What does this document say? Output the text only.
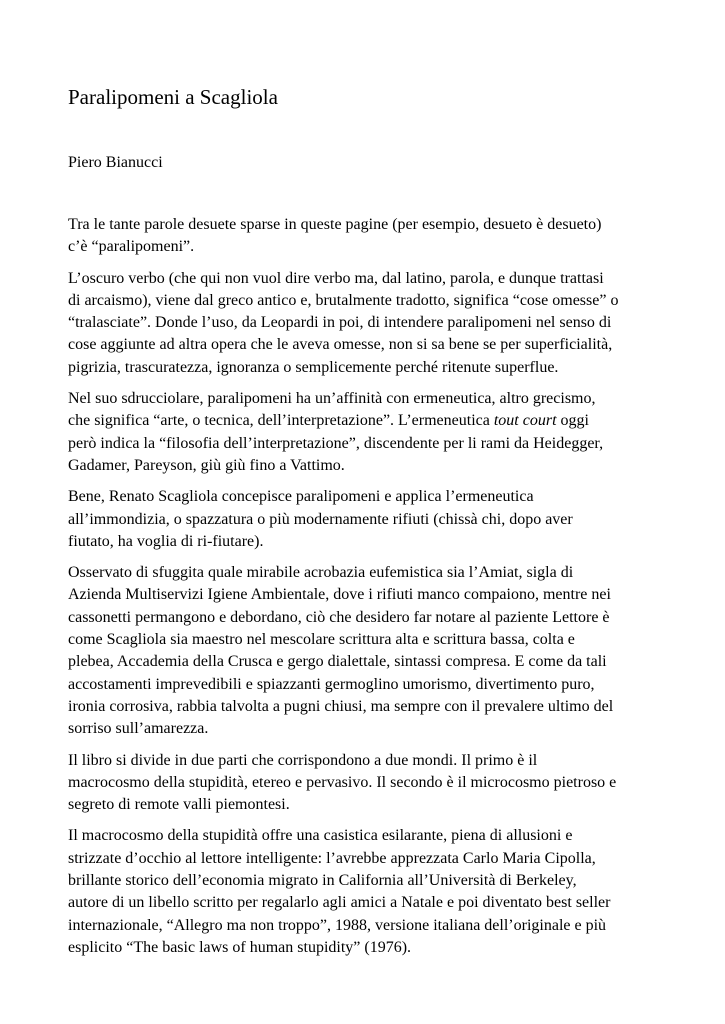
Paralipomeni a Scagliola
Piero Bianucci

Tra le tante parole desuete sparse in queste pagine (per esempio, desueto è desueto)
c’è “paralipomeni”.

L’oscuro verbo (che qui non vuol dire verbo ma, dal latino, parola, e dunque trattasi
di arcaismo), viene dal greco antico e, brutalmente tradotto, significa “cose omesse” o
“tralasciate”. Donde l’uso, da Leopardi in poi, di intendere paralipomeni nel senso di
cose aggiunte ad altra opera che le aveva omesse, non si sa bene se per superficialità,
pigrizia, trascuratezza, ignoranza o semplicemente perché ritenute superflue.

Nel suo sdrucciolare, paralipomeni ha un’affinità con ermeneutica, altro grecismo,
che significa “arte, o tecnica, dell’interpretazione”. L’ermeneutica tout court oggi
però indica la “filosofia dell’interpretazione”, discendente per li rami da Heidegger,
Gadamer, Pareyson, giù giù fino a Vattimo.

Bene, Renato Scagliola concepisce paralipomeni e applica l’ermeneutica
all’immondizia, o spazzatura o più modernamente rifiuti (chissà chi, dopo aver
fiutato, ha voglia di ri-fiutare).

Osservato di sfuggita quale mirabile acrobazia eufemistica sia l’Amiat, sigla di
Azienda Multiservizi Igiene Ambientale, dove i rifiuti manco compaiono, mentre nei
cassonetti permangono e debordano, ciò che desidero far notare al paziente Lettore è
come Scagliola sia maestro nel mescolare scrittura alta e scrittura bassa, colta e
plebea, Accademia della Crusca e gergo dialettale, sintassi compresa. E come da tali
accostamenti imprevedibili e spiazzanti germoglino umorismo, divertimento puro,
ironia corrosiva, rabbia talvolta a pugni chiusi, ma sempre con il prevalere ultimo del
sorriso sull’amarezza.

Il libro si divide in due parti che corrispondono a due mondi. Il primo è il
macrocosmo della stupidità, etereo e pervasivo. Il secondo è il microcosmo pietroso e
segreto di remote valli piemontesi.

Il macrocosmo della stupidità offre una casistica esilarante, piena di allusioni e
strizzate d’occhio al lettore intelligente: l’avrebbe apprezzata Carlo Maria Cipolla,
brillante storico dell’economia migrato in California all’Università di Berkeley,
autore di un libello scritto per regalarlo agli amici a Natale e poi diventato best seller
internazionale, “Allegro ma non troppo”, 1988, versione italiana dell’originale e più
esplicito “The basic laws of human stupidity” (1976).
